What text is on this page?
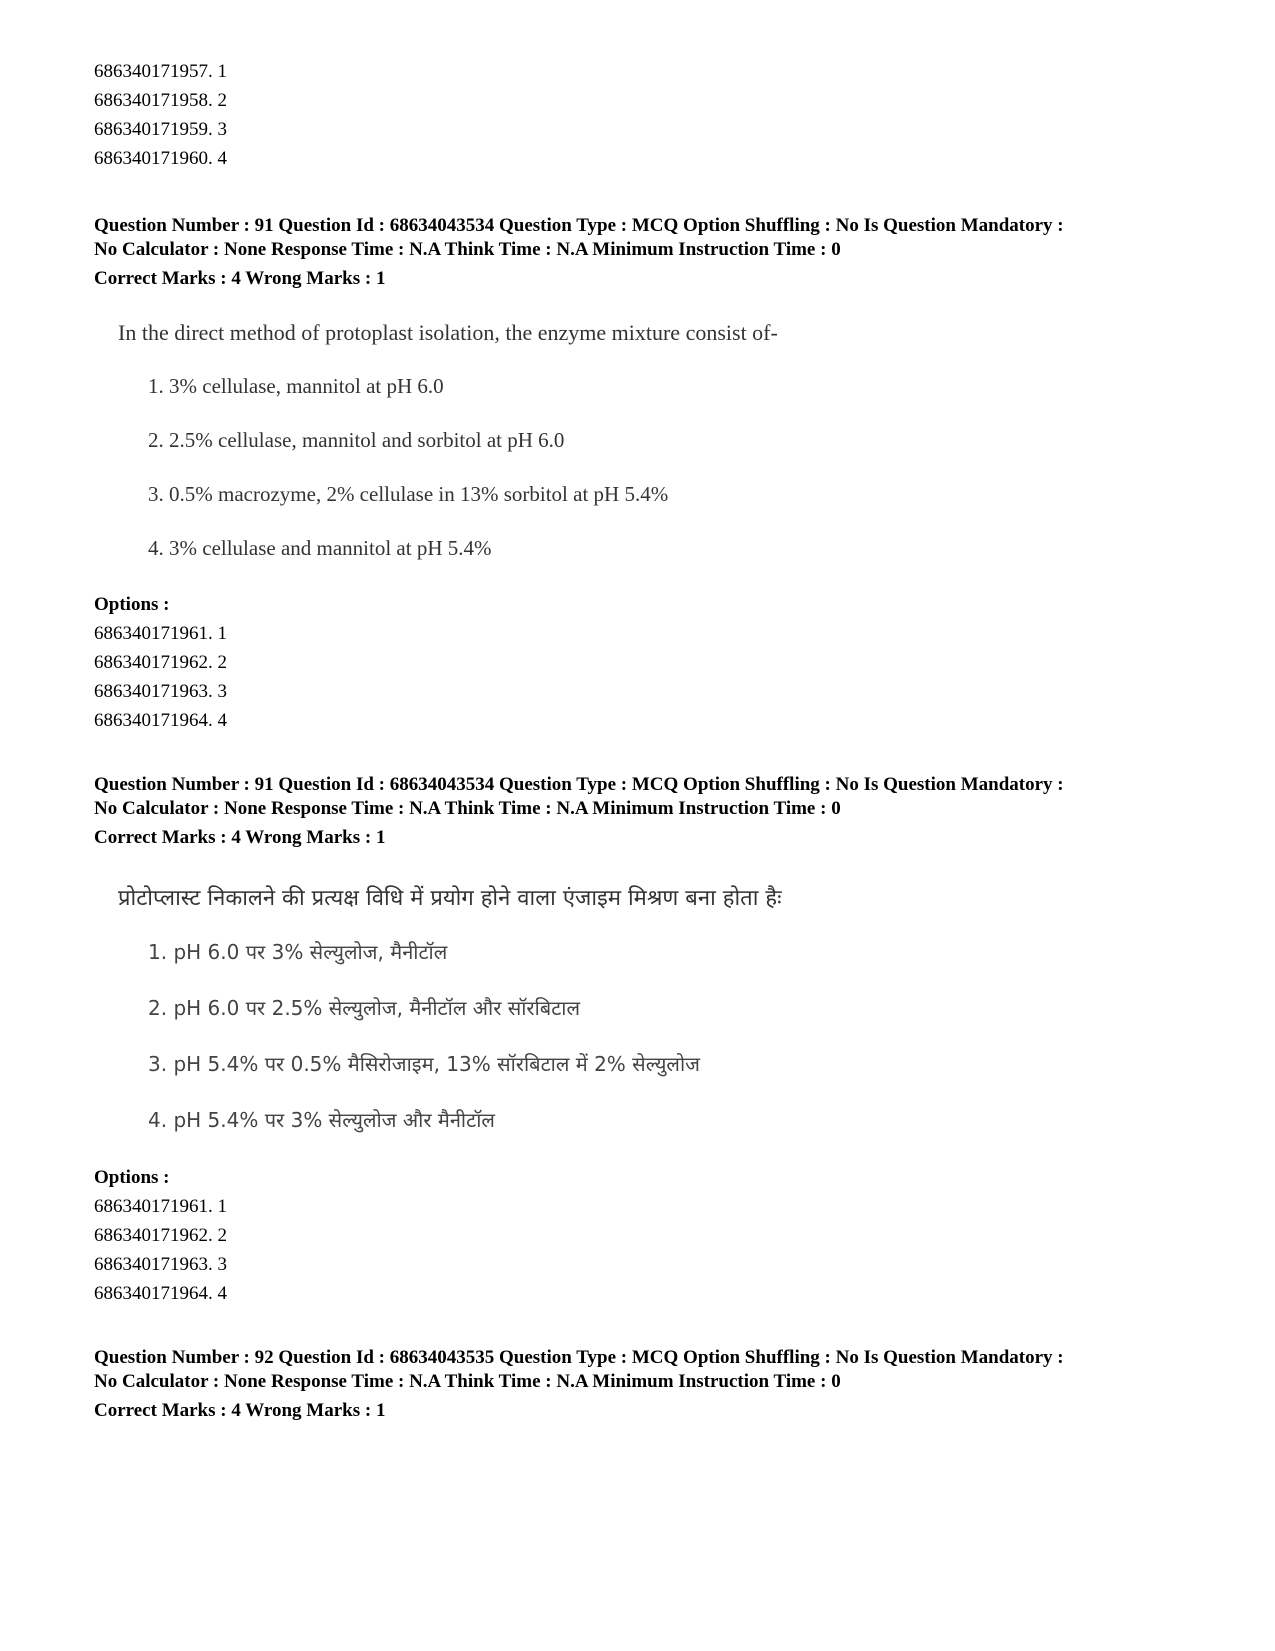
686340171957. 1
686340171958. 2
686340171959. 3
686340171960. 4
Question Number : 91 Question Id : 68634043534 Question Type : MCQ Option Shuffling : No Is Question Mandatory :
No Calculator : None Response Time : N.A Think Time : N.A Minimum Instruction Time : 0
Correct Marks : 4 Wrong Marks : 1
In the direct method of protoplast isolation, the enzyme mixture consist of-
1. 3% cellulase, mannitol at pH 6.0
2. 2.5% cellulase, mannitol and sorbitol at pH 6.0
3. 0.5% macrozyme, 2% cellulase in 13% sorbitol at pH 5.4%
4. 3% cellulase and mannitol at pH 5.4%
Options :
686340171961. 1
686340171962. 2
686340171963. 3
686340171964. 4
Question Number : 91 Question Id : 68634043534 Question Type : MCQ Option Shuffling : No Is Question Mandatory :
No Calculator : None Response Time : N.A Think Time : N.A Minimum Instruction Time : 0
Correct Marks : 4 Wrong Marks : 1
प्रोटोप्लास्ट निकालने की प्रत्यक्ष विधि में प्रयोग होने वाला एंजाइम मिश्रण बना होता हैः
1. pH 6.0 पर 3% सेल्युलोज, मैनीटॉल
2. pH 6.0 पर 2.5% सेल्युलोज, मैनीटॉल और सॉरबिटाल
3. pH 5.4% पर 0.5% मैसिरोजाइम, 13% सॉरबिटाल में 2% सेल्युलोज
4. pH 5.4% पर 3% सेल्युलोज और मैनीटॉल
Options :
686340171961. 1
686340171962. 2
686340171963. 3
686340171964. 4
Question Number : 92 Question Id : 68634043535 Question Type : MCQ Option Shuffling : No Is Question Mandatory :
No Calculator : None Response Time : N.A Think Time : N.A Minimum Instruction Time : 0
Correct Marks : 4 Wrong Marks : 1
